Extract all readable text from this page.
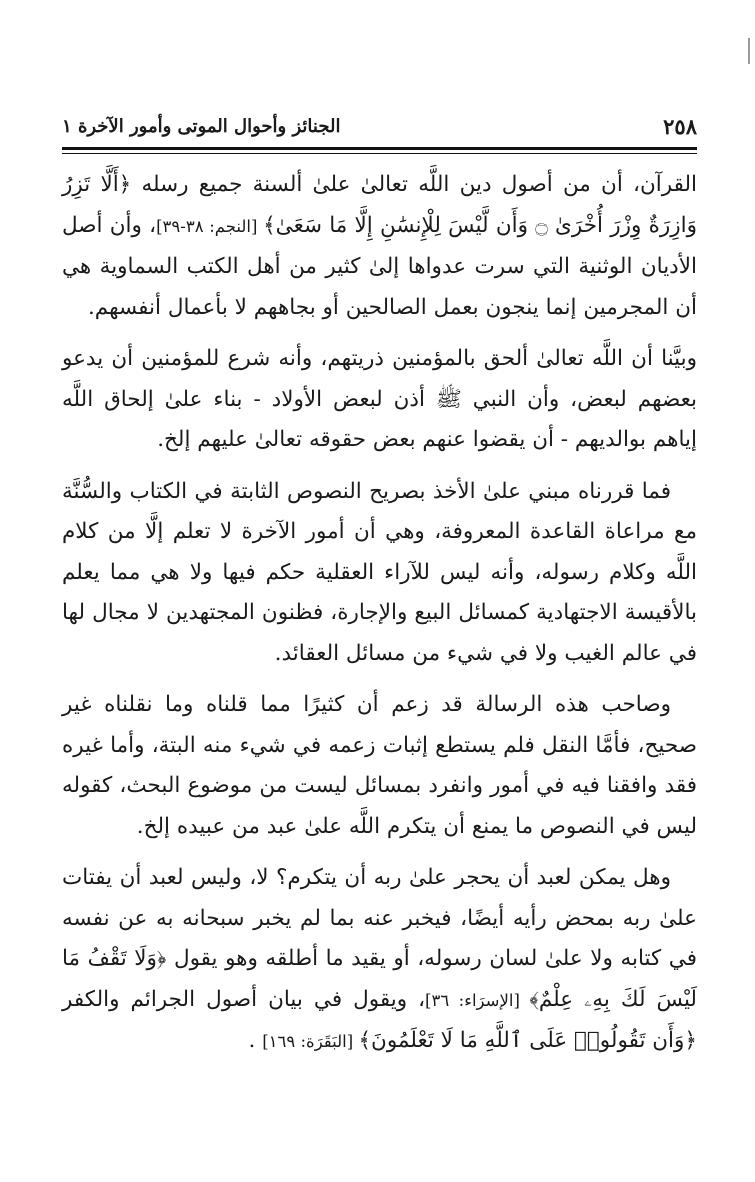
٢٥٨
الجنائز وأحوال الموتى وأمور الآخرة ١

القرآن، أن من أصول دين اللَّه تعالىٰ علىٰ ألسنة جميع رسله ﴿أَلَّا تَزِرُ وَازِرَةٌ وِزْرَ أُخْرَىٰ ۝ وَأَن لَّيْسَ لِلْإِنسَٰنِ إِلَّا مَا سَعَىٰ﴾ [النجم: ٣٨-٣٩]، وأن أصل الأديان الوثنية التي سرت عدواها إلىٰ كثير من أهل الكتب السماوية هي أن المجرمين إنما ينجون بعمل الصالحين أو بجاههم لا بأعمال أنفسهم.

وبيَّنا أن اللَّه تعالىٰ ألحق بالمؤمنين ذريتهم، وأنه شرع للمؤمنين أن يدعو بعضهم لبعض، وأن النبي ﷺ أذن لبعض الأولاد - بناء علىٰ إلحاق اللَّه إياهم بوالديهم - أن يقضوا عنهم بعض حقوقه تعالىٰ عليهم إلخ.

فما قررناه مبني علىٰ الأخذ بصريح النصوص الثابتة في الكتاب والسُّنَّة مع مراعاة القاعدة المعروفة، وهي أن أمور الآخرة لا تعلم إلَّا من كلام اللَّه وكلام رسوله، وأنه ليس للآراء العقلية حكم فيها ولا هي مما يعلم بالأقيسة الاجتهادية كمسائل البيع والإجارة، فظنون المجتهدين لا مجال لها في عالم الغيب ولا في شيء من مسائل العقائد.

وصاحب هذه الرسالة قد زعم أن كثيرًا مما قلناه وما نقلناه غير صحيح، فأمَّا النقل فلم يستطع إثبات زعمه في شيء منه البتة، وأما غيره فقد وافقنا فيه في أمور وانفرد بمسائل ليست من موضوع البحث، كقوله ليس في النصوص ما يمنع أن يتكرم اللَّه علىٰ عبد من عبيده إلخ.

وهل يمكن لعبد أن يحجر علىٰ ربه أن يتكرم؟ لا، وليس لعبد أن يفتات علىٰ ربه بمحض رأيه أيضًا، فيخبر عنه بما لم يخبر سبحانه به عن نفسه في كتابه ولا علىٰ لسان رسوله، أو يقيد ما أطلقه وهو يقول ﴿وَلَا تَقْفُ مَا لَيْسَ لَكَ بِهِۦ عِلْمٌ﴾ [الإسرَاء: ٣٦]، ويقول في بيان أصول الجرائم والكفر ﴿وَأَن تَقُولُوا۟ عَلَى ٱللَّهِ مَا لَا تَعْلَمُونَ﴾ [البَقَرَة: ١٦٩] .
